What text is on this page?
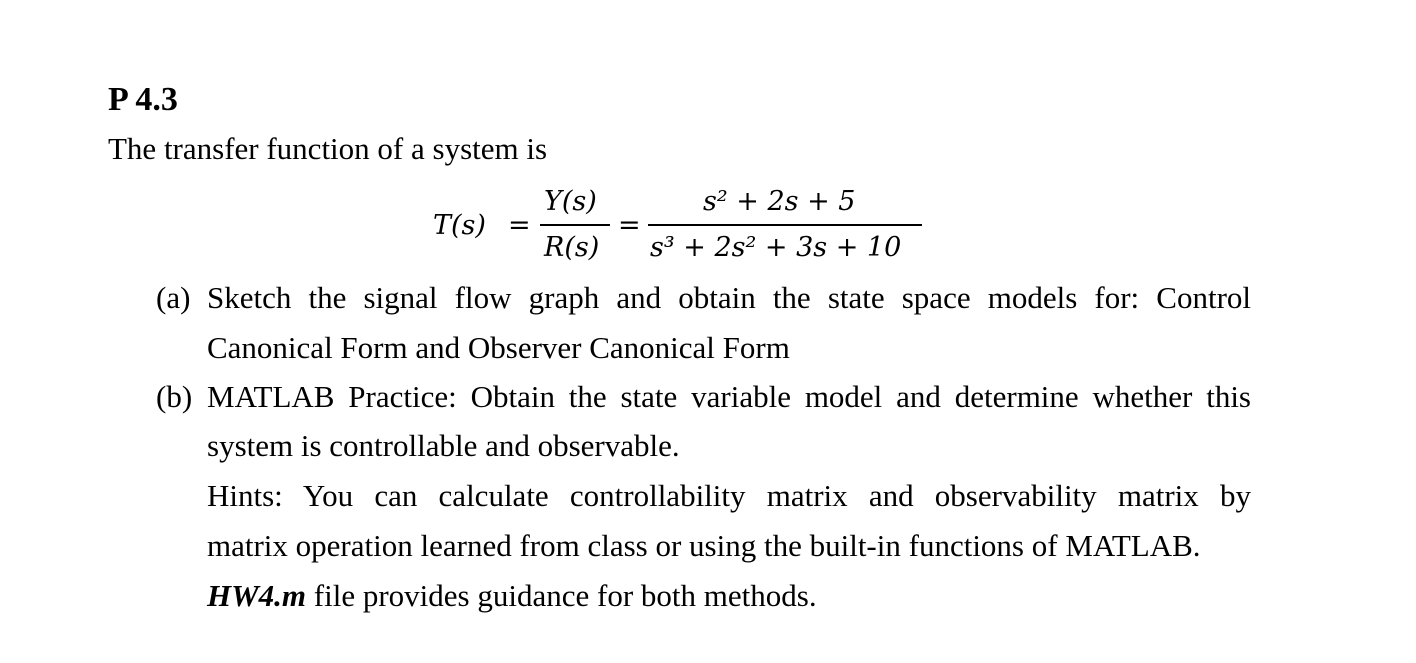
P 4.3
The transfer function of a system is
T(s) =
Y(s)
R(s)
=
s² + 2s + 5
s³ + 2s² + 3s + 10
(a) Sketch the signal flow graph and obtain the state space models for: Control
Canonical Form and Observer Canonical Form
(b) MATLAB Practice: Obtain the state variable model and determine whether this
system is controllable and observable.
Hints: You can calculate controllability matrix and observability matrix by
matrix operation learned from class or using the built-in functions of MATLAB.
HW4.m file provides guidance for both methods.
